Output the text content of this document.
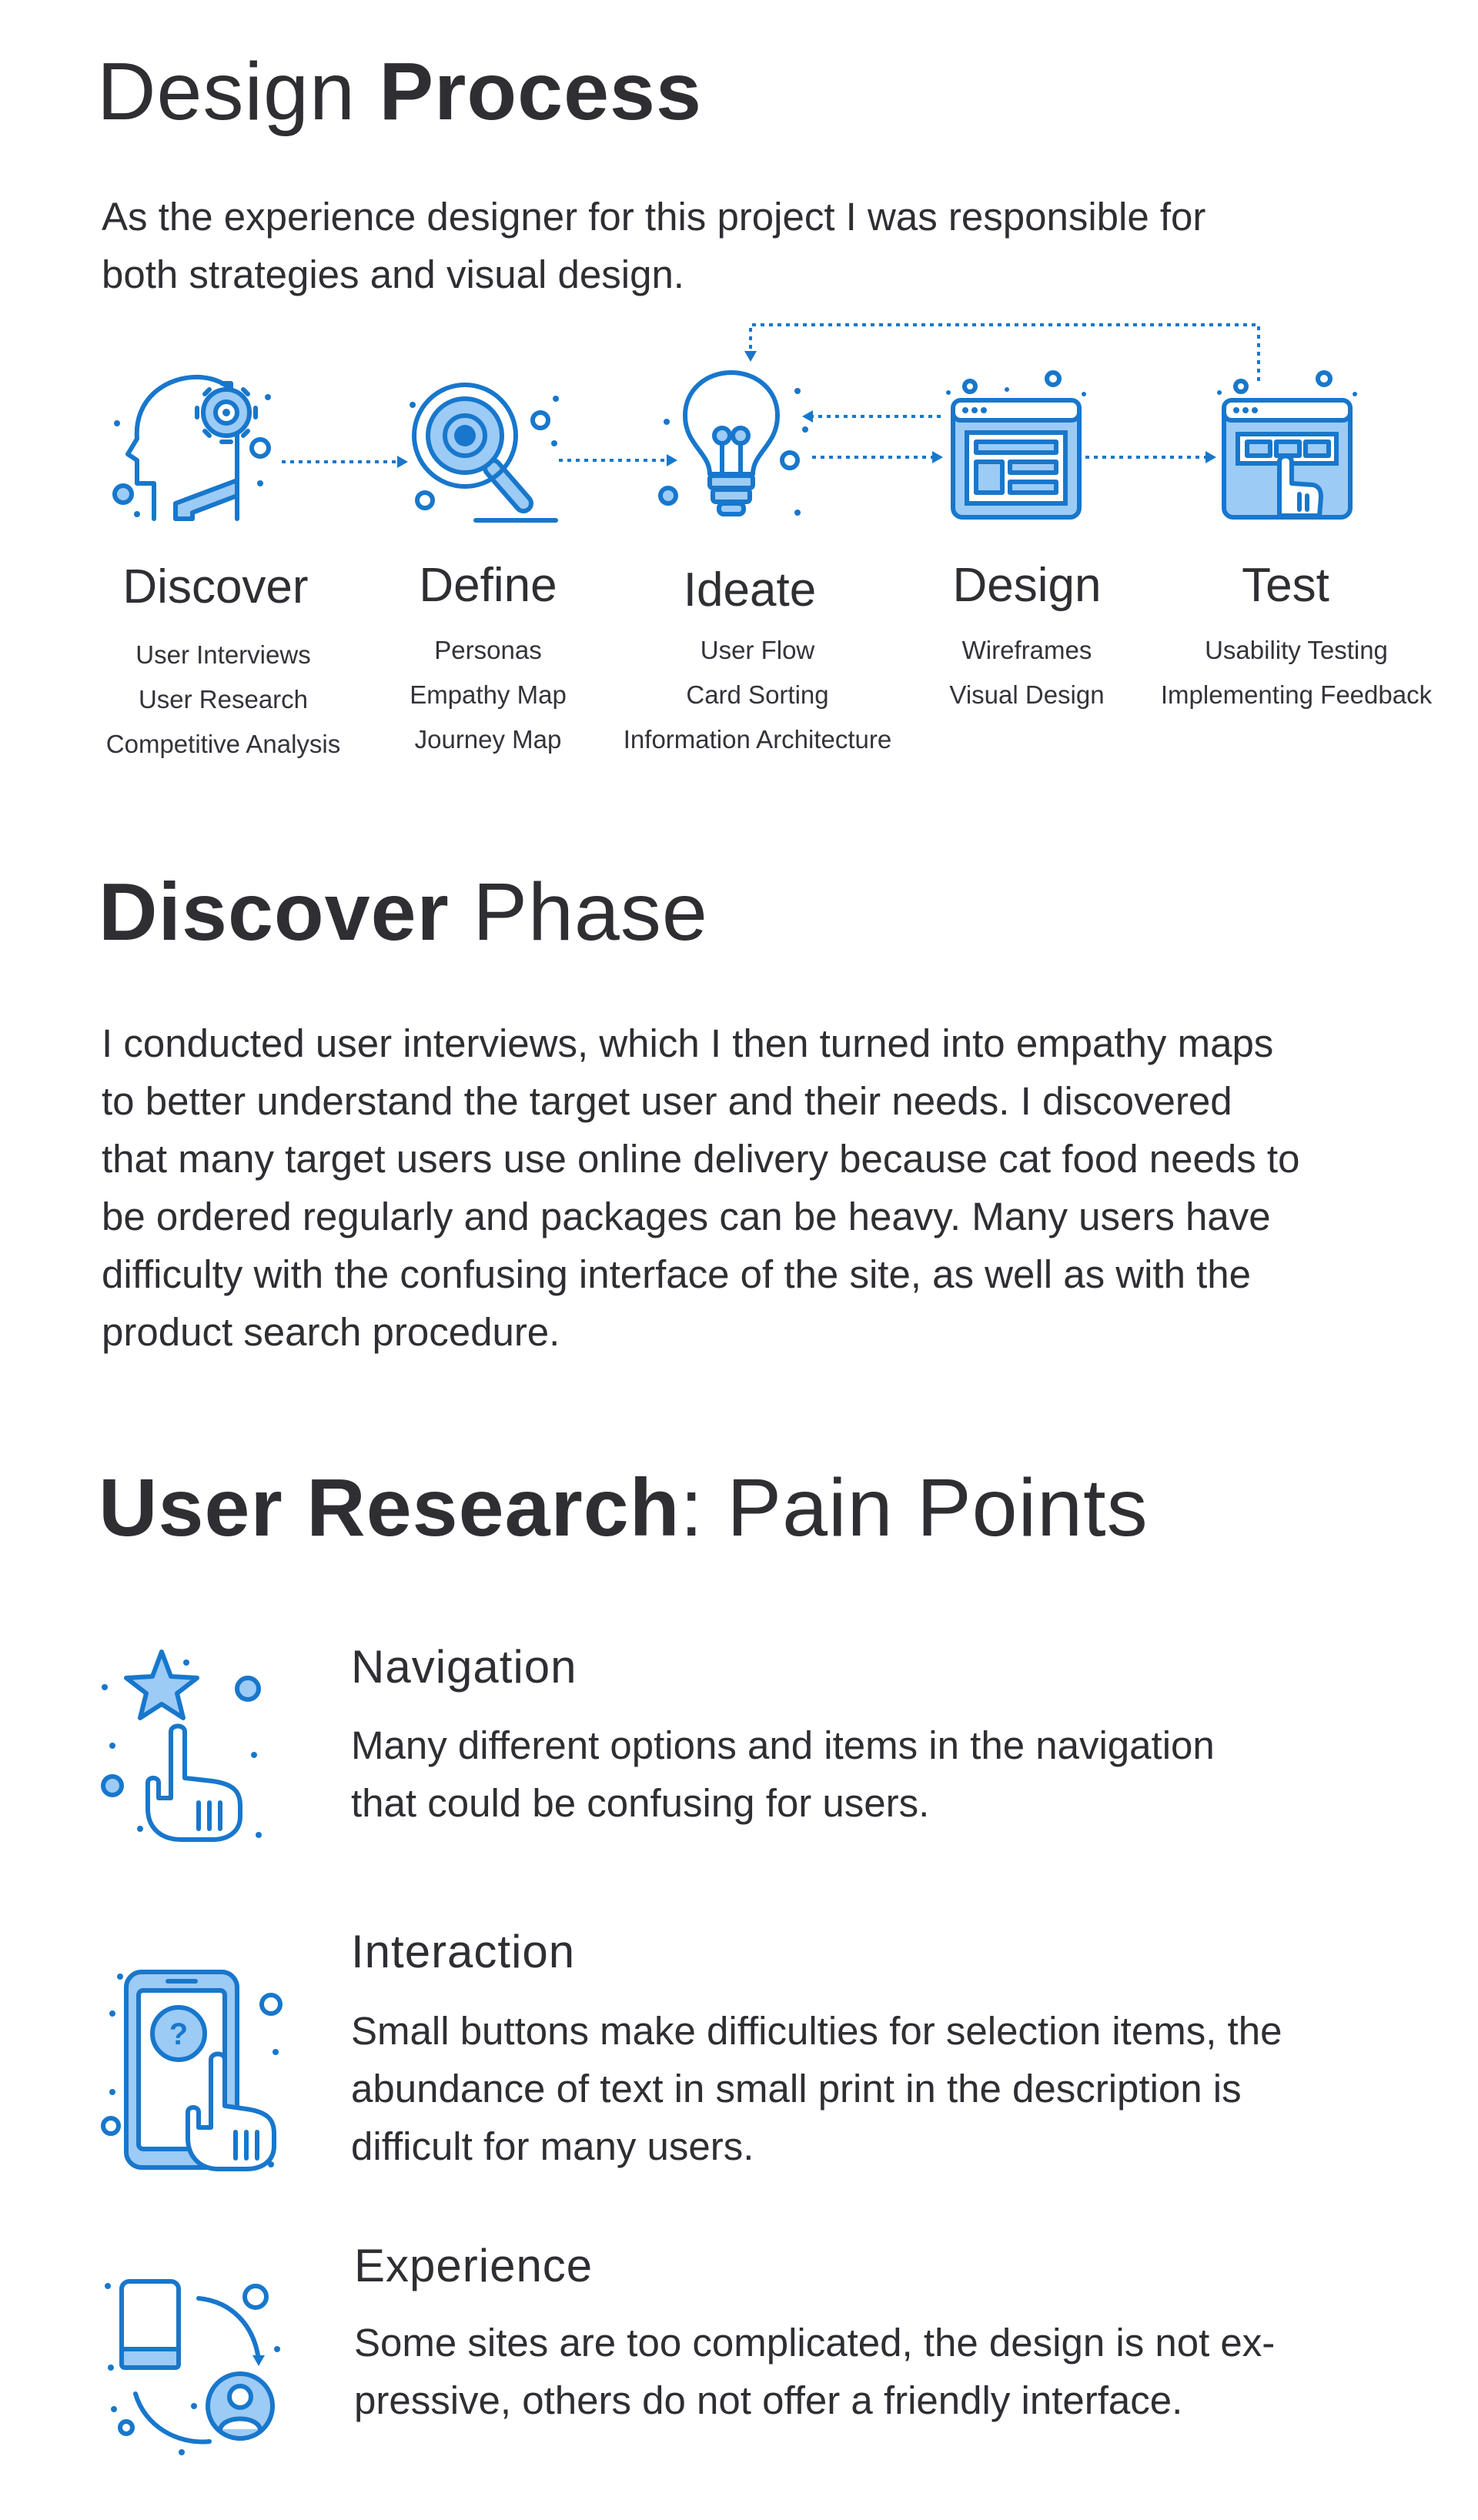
Design Process

As the experience designer for this project I was responsible for
both strategies and visual design.

Discover
User Interviews
User Research
Competitive Analysis
Define
Personas
Empathy Map
Journey Map
Ideate
User Flow
Card Sorting
Information Architecture
Design
Wireframes
Visual Design
Test
Usability Testing
Implementing Feedback
Discover Phase

I conducted user interviews, which I then turned into empathy maps
to better understand the target user and their needs. I discovered
that many target users use online delivery because cat food needs to
be ordered regularly and packages can be heavy. Many users have
difficulty with the confusing interface of the site, as well as with the
product search procedure.

User Research: Pain Points
Navigation
Many different options and items in the navigation
that could be confusing for users.
?
Interaction
Small buttons make difficulties for selection items, the
abundance of text in small print in the description is
difficult for many users.
Experience
Some sites are too complicated, the design is not ex-
pressive, others do not offer a friendly interface.
